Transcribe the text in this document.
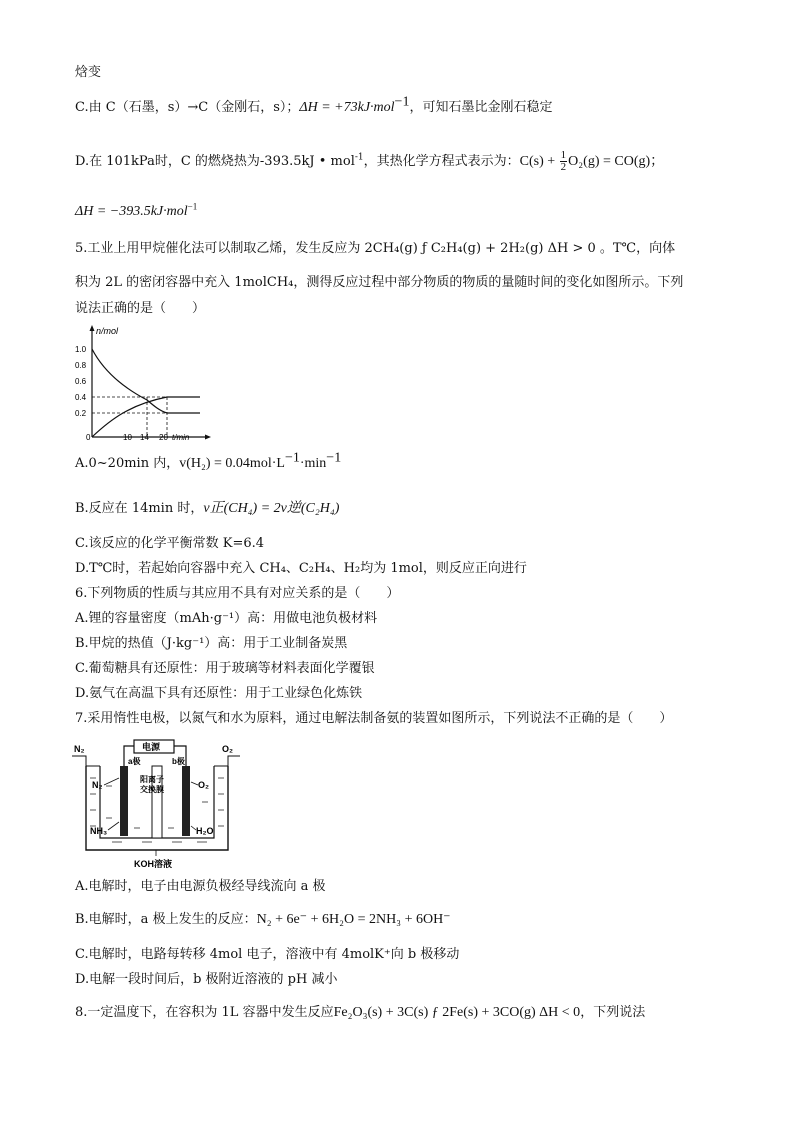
焓变
C.由 C（石墨，s）→C（金刚石，s）；ΔH = +73kJ·mol$^{-1}$，可知石墨比金刚石稳定
D.在 101kPa时，C 的燃烧热为-393.5kJ • mol$^{-1}$，其热化学方程式表示为：$C(s) + \frac{1}{2} O_2(g) = CO(g)$；
ΔH = −393.5kJ·mol$^{-1}$
5.工业上用甲烷催化法可以制取乙烯，发生反应为 2CH₄(g) ƒ C₂H₄(g) + 2H₂(g) ΔH > 0 。T℃，向体
积为 2L 的密闭容器中充入 1molCH₄，测得反应过程中部分物质的物质的量随时间的变化如图所示。下列
说法正确的是（　　）
n/mol
1.0
0.8
0.6
0.4
0.2
0	10 14 20 t/min
A.0~20min 内，$v(H_2) = 0.04mol\cdot L^{-1}\cdot\min^{-1}$
B.反应在 14min 时，v正(CH₄) = 2v逆(C₂H₄)
C.该反应的化学平衡常数 K=6.4
D.T℃时，若起始向容器中充入 CH₄、C₂H₄、H₂均为 1mol，则反应正向进行
6.下列物质的性质与其应用不具有对应关系的是（　　）
A.锂的容量密度（mAh·g⁻¹）高：用做电池负极材料
B.甲烷的热值（J·kg⁻¹）高：用于工业制备炭黑
C.葡萄糖具有还原性：用于玻璃等材料表面化学覆银
D.氨气在高温下具有还原性：用于工业绿色化炼铁
7.采用惰性电极，以氮气和水为原料，通过电解法制备氨的装置如图所示，下列说法不正确的是（　　）
电源
N₂	O₂
阳离子
交换膜
a极	b极
N₂
NH₃
O₂
H₂O
KOH溶液
A.电解时，电子由电源负极经导线流向 a 极
B.电解时，a 极上发生的反应：N₂ + 6e⁻ + 6H₂O = 2NH₃ + 6OH⁻
C.电解时，电路每转移 4mol 电子，溶液中有 4molK⁺向 b 极移动
D.电解一段时间后，b 极附近溶液的 pH 减小
8.一定温度下，在容积为 1L 容器中发生反应Fe₂O₃(s) + 3C(s) ƒ 2Fe(s) + 3CO(g) ΔH < 0，下列说法
